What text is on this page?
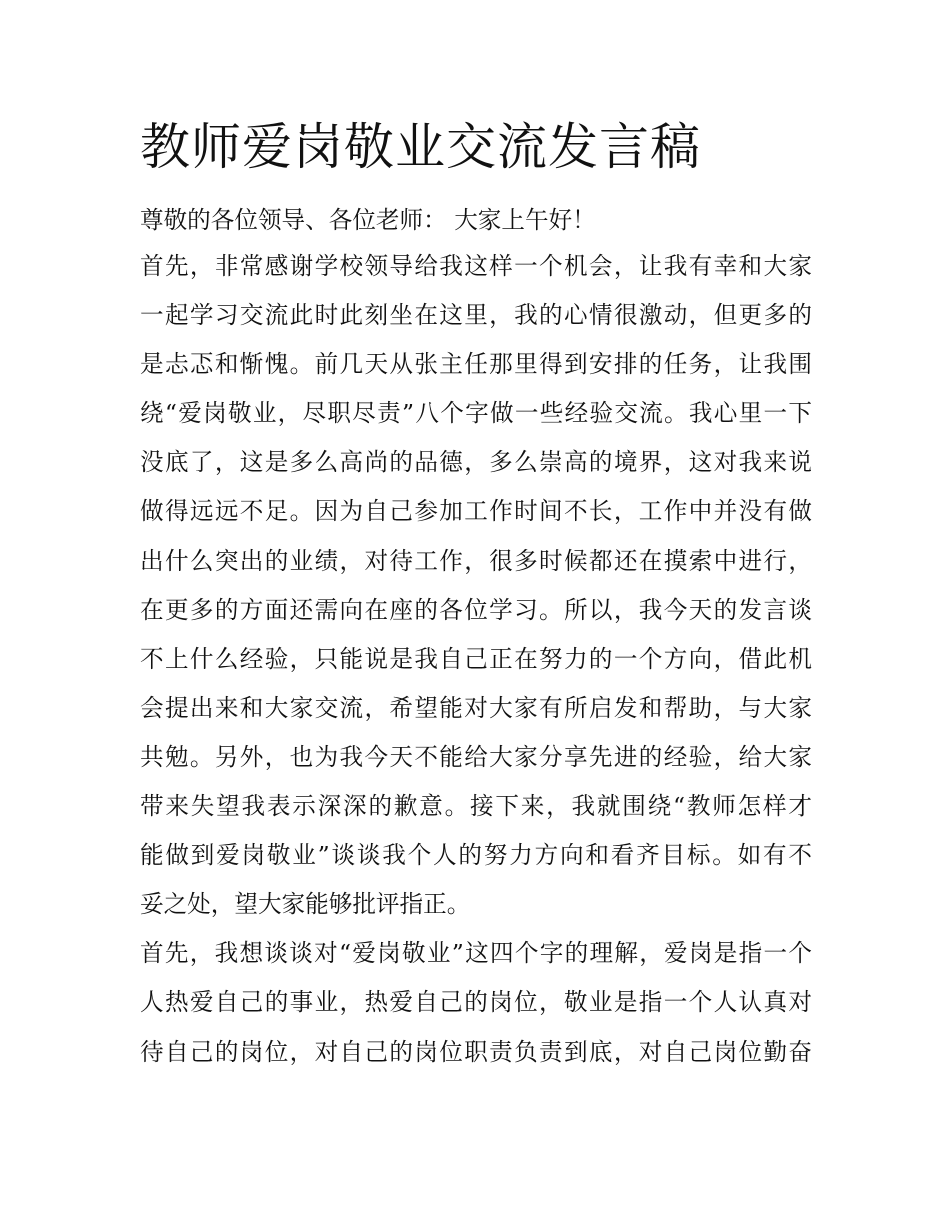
教师爱岗敬业交流发言稿
尊敬的各位领导、各位老师： 大家上午好！
首先，非常感谢学校领导给我这样一个机会，让我有幸和大家
一起学习交流此时此刻坐在这里，我的心情很激动，但更多的
是忐忑和惭愧。前几天从张主任那里得到安排的任务，让我围
绕“爱岗敬业，尽职尽责”八个字做一些经验交流。我心里一下
没底了，这是多么高尚的品德，多么崇高的境界，这对我来说
做得远远不足。因为自己参加工作时间不长，工作中并没有做
出什么突出的业绩，对待工作，很多时候都还在摸索中进行，
在更多的方面还需向在座的各位学习。所以，我今天的发言谈
不上什么经验，只能说是我自己正在努力的一个方向，借此机
会提出来和大家交流，希望能对大家有所启发和帮助，与大家
共勉。另外，也为我今天不能给大家分享先进的经验，给大家
带来失望我表示深深的歉意。接下来，我就围绕“教师怎样才
能做到爱岗敬业”谈谈我个人的努力方向和看齐目标。如有不
妥之处，望大家能够批评指正。
首先，我想谈谈对“爱岗敬业”这四个字的理解，爱岗是指一个
人热爱自己的事业，热爱自己的岗位，敬业是指一个人认真对
待自己的岗位，对自己的岗位职责负责到底，对自己岗位勤奋
